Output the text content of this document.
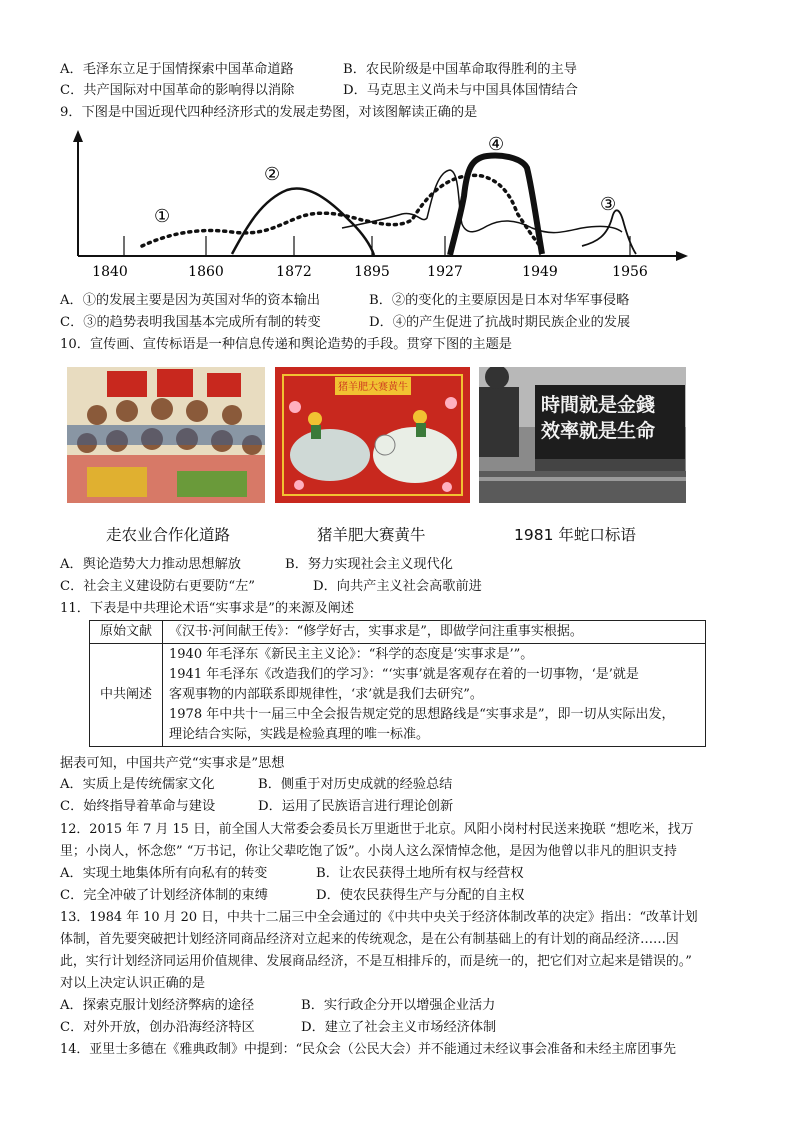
A．毛泽东立足于国情探索中国革命道路	B．农民阶级是中国革命取得胜利的主导
C．共产国际对中国革命的影响得以消除	D．马克思主义尚未与中国具体国情结合
9．下图是中国近现代四种经济形式的发展走势图，对该图解读正确的是
①
②
③
④
1840	1860	1872	1895	1927	1949	1956
A．①的发展主要是因为英国对华的资本输出	B．②的变化的主要原因是日本对华军事侵略
C．③的趋势表明我国基本完成所有制的转变	D．④的产生促进了抗战时期民族企业的发展
10．宣传画、宣传标语是一种信息传递和舆论造势的手段。贯穿下图的主题是
猪羊肥大赛黄牛
時間就是金錢
效率就是生命
走农业合作化道路	猪羊肥大赛黄牛	1981 年蛇口标语
A．舆论造势大力推动思想解放	B．努力实现社会主义现代化
C．社会主义建设防右更要防“左”	D．向共产主义社会高歌前进
11．下表是中共理论术语“实事求是”的来源及阐述
原始文献	《汉书·河间献王传》：“修学好古，实事求是”，即做学问注重事实根据。
中共阐述	1940 年毛泽东《新民主主义论》：“科学的态度是‘实事求是’”。
1941 年毛泽东《改造我们的学习》：“‘实事’就是客观存在着的一切事物，‘是’就是
客观事物的内部联系即规律性，‘求’就是我们去研究”。
1978 年中共十一届三中全会报告规定党的思想路线是“实事求是”，即一切从实际出发，
理论结合实际，实践是检验真理的唯一标准。
据表可知，中国共产党“实事求是”思想
A．实质上是传统儒家文化	B．侧重于对历史成就的经验总结
C．始终指导着革命与建设	D．运用了民族语言进行理论创新
12．2015 年 7 月 15 日，前全国人大常委会委员长万里逝世于北京。风阳小岗村村民送来挽联 “想吃米，找万
里；小岗人，怀念您” “万书记，你让父辈吃饱了饭”。小岗人这么深情悼念他，是因为他曾以非凡的胆识支持
A．实现土地集体所有向私有的转变	B．让农民获得土地所有权与经营权
C．完全冲破了计划经济体制的束缚	D．使农民获得生产与分配的自主权
13．1984 年 10 月 20 日，中共十二届三中全会通过的《中共中央关于经济体制改革的决定》指出：“改革计划
体制，首先要突破把计划经济同商品经济对立起来的传统观念，是在公有制基础上的有计划的商品经济……因
此，实行计划经济同运用价值规律、发展商品经济，不是互相排斥的，而是统一的，把它们对立起来是错误的。”
对以上决定认识正确的是
A．探索克服计划经济弊病的途径	B．实行政企分开以增强企业活力
C．对外开放，创办沿海经济特区	D．建立了社会主义市场经济体制
14．亚里士多德在《雅典政制》中提到：“民众会（公民大会）并不能通过未经议事会准备和未经主席团事先
